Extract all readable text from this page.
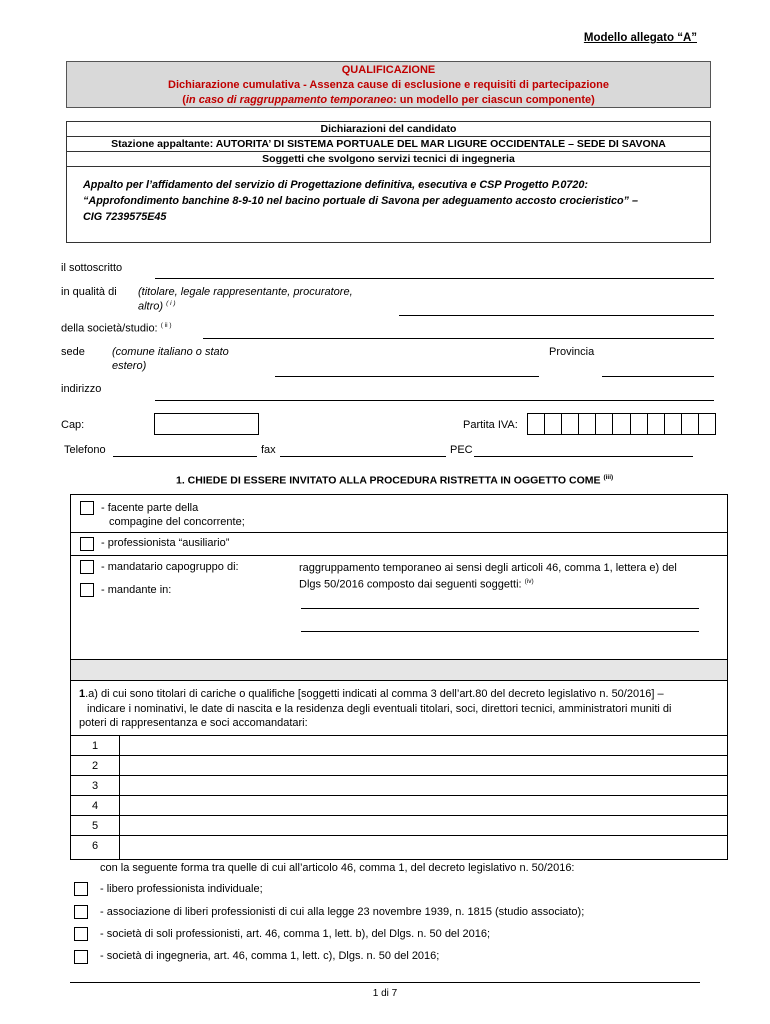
Modello allegato “A”
QUALIFICAZIONE
Dichiarazione cumulativa - Assenza cause di esclusione e requisiti di partecipazione
(in caso di raggruppamento temporaneo: un modello per ciascun componente)
Dichiarazioni del candidato
Stazione appaltante: AUTORITA’ DI SISTEMA PORTUALE DEL MAR LIGURE OCCIDENTALE – SEDE DI SAVONA
Soggetti che svolgono servizi tecnici di ingegneria
Appalto per l’affidamento del servizio di Progettazione definitiva, esecutiva e CSP Progetto P.0720:
“Approfondimento banchine 8-9-10 nel bacino portuale di Savona per adeguamento accosto crocieristico” –
CIG 7239575E45
il sottoscritto
in qualità di (titolare, legale rappresentante, procuratore,
altro) $^{( i )}$
della società/studio: $^{( ii )}$
sede (comune italiano o stato
estero)
Provincia
indirizzo
Cap:	Partita IVA:
Telefono	fax	PEC
1. CHIEDE DI ESSERE INVITATO ALLA PROCEDURA RISTRETTA IN OGGETTO COME $^{(iii)}$
- facente parte della
compagine del concorrente;
- professionista “ausiliario”
- mandatario capogruppo di:
- mandante in:
raggruppamento temporaneo ai sensi degli articoli 46, comma 1, lettera e) del
Dlgs 50/2016 composto dai seguenti soggetti: $^{(iv)}$
1.a) di cui sono titolari di cariche o qualifiche [soggetti indicati al comma 3 dell’art.80 del decreto legislativo n. 50/2016] –
indicare i nominativi, le date di nascita e la residenza degli eventuali titolari, soci, direttori tecnici, amministratori muniti di
poteri di rappresentanza e soci accomandatari:
1
2
3
4
5
6
con la seguente forma tra quelle di cui all’articolo 46, comma 1, del decreto legislativo n. 50/2016:
- libero professionista individuale;
- associazione di liberi professionisti di cui alla legge 23 novembre 1939, n. 1815 (studio associato);
- società di soli professionisti, art. 46, comma 1, lett. b), del Dlgs. n. 50 del 2016;
- società di ingegneria, art. 46, comma 1, lett. c), Dlgs. n. 50 del 2016;
1 di 7
